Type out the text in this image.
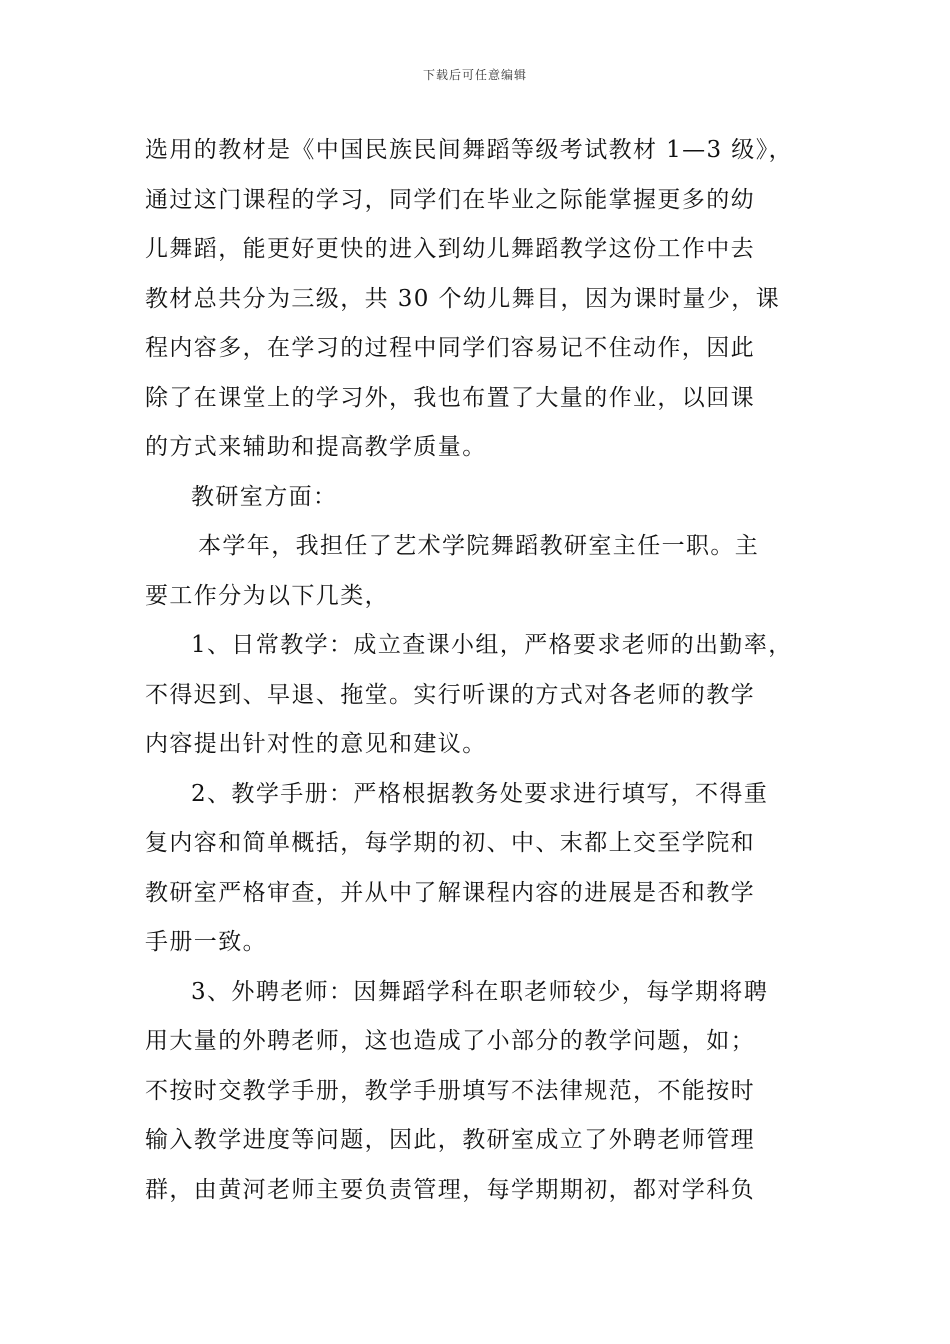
下载后可任意编辑
选用的教材是《中国民族民间舞蹈等级考试教材 1—3 级》，
通过这门课程的学习，同学们在毕业之际能掌握更多的幼
儿舞蹈，能更好更快的进入到幼儿舞蹈教学这份工作中去
教材总共分为三级，共 30 个幼儿舞目，因为课时量少，课
程内容多，在学习的过程中同学们容易记不住动作，因此
除了在课堂上的学习外，我也布置了大量的作业，以回课
的方式来辅助和提高教学质量。
教研室方面：
本学年，我担任了艺术学院舞蹈教研室主任一职。主
要工作分为以下几类，
1、日常教学：成立查课小组，严格要求老师的出勤率，
不得迟到、早退、拖堂。实行听课的方式对各老师的教学
内容提出针对性的意见和建议。
2、教学手册：严格根据教务处要求进行填写，不得重
复内容和简单概括，每学期的初、中、末都上交至学院和
教研室严格审查，并从中了解课程内容的进展是否和教学
手册一致。
3、外聘老师：因舞蹈学科在职老师较少，每学期将聘
用大量的外聘老师，这也造成了小部分的教学问题，如；
不按时交教学手册，教学手册填写不法律规范，不能按时
输入教学进度等问题，因此，教研室成立了外聘老师管理
群，由黄河老师主要负责管理，每学期期初，都对学科负
